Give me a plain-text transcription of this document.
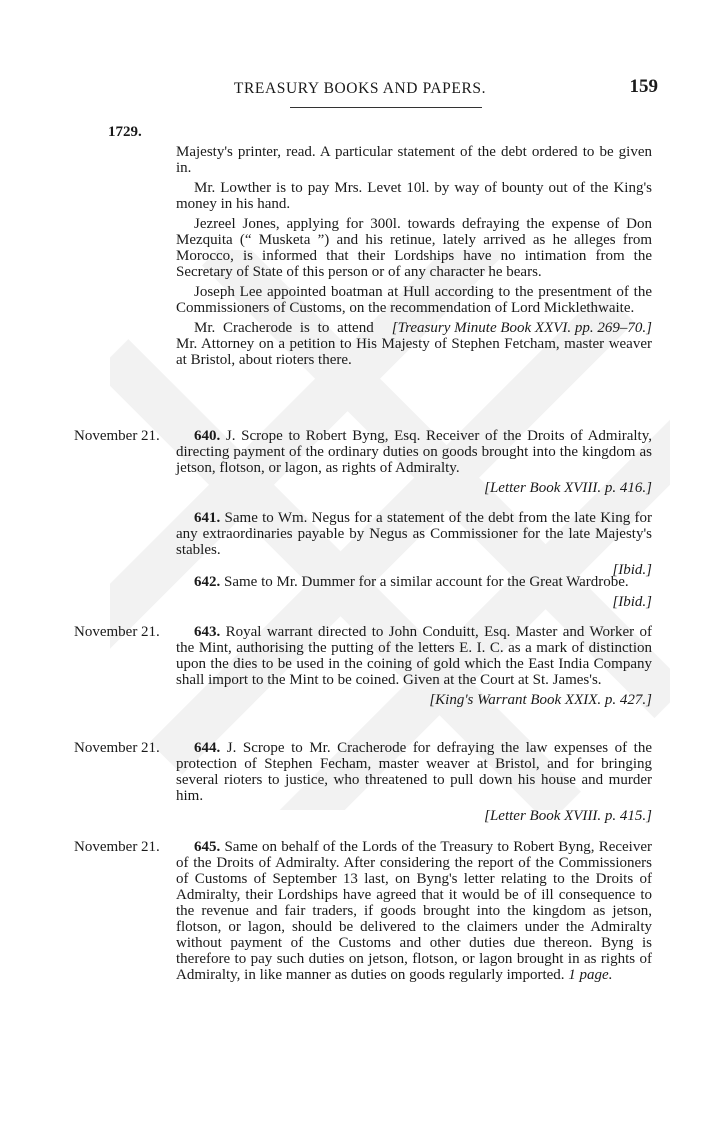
TREASURY BOOKS AND PAPERS.	159
1729.

Majesty's printer, read. A particular statement of the debt ordered to be given in.

Mr. Lowther is to pay Mrs. Levet 10l. by way of bounty out of the King's money in his hand.

Jezreel Jones, applying for 300l. towards defraying the expense of Don Mezquita (“ Musketa ”) and his retinue, lately arrived as he alleges from Morocco, is informed that their Lordships have no intimation from the Secretary of State of this person or of any character he bears.

Joseph Lee appointed boatman at Hull according to the presentment of the Commissioners of Customs, on the recommendation of Lord Micklethwaite.

[Treasury Minute Book XXVI. pp. 269–70.]
Mr. Cracherode is to attend Mr. Attorney on a petition to His Majesty of Stephen Fetcham, master weaver at Bristol, about rioters there.

November 21.	640. J. Scrope to Robert Byng, Esq. Receiver of the Droits of Admiralty, directing payment of the ordinary duties on goods brought into the kingdom as jetson, flotson, or lagon, as rights of Admiralty.

[Letter Book XVIII. p. 416.]

641. Same to Wm. Negus for a statement of the debt from the late King for any extraordinaries payable by Negus as Commissioner for the late Majesty's stables.

[Ibid.]

642. Same to Mr. Dummer for a similar account for the Great Wardrobe.

[Ibid.]
November 21.	643. Royal warrant directed to John Conduitt, Esq. Master and Worker of the Mint, authorising the putting of the letters E. I. C. as a mark of distinction upon the dies to be used in the coining of gold which the East India Company shall import to the Mint to be coined. Given at the Court at St. James's.

[King's Warrant Book XXIX. p. 427.]
November 21.	644. J. Scrope to Mr. Cracherode for defraying the law expenses of the protection of Stephen Fecham, master weaver at Bristol, and for bringing several rioters to justice, who threatened to pull down his house and murder him.

[Letter Book XVIII. p. 415.]
November 21.	645. Same on behalf of the Lords of the Treasury to Robert Byng, Receiver of the Droits of Admiralty. After considering the report of the Commissioners of Customs of September 13 last, on Byng's letter relating to the Droits of Admiralty, their Lordships have agreed that it would be of ill consequence to the revenue and fair traders, if goods brought into the kingdom as jetson, flotson, or lagon, should be delivered to the claimers under the Admiralty without payment of the Customs and other duties due thereon. Byng is therefore to pay such duties on jetson, flotson, or lagon brought in as rights of Admiralty, in like manner as duties on goods regularly imported. 1 page.
